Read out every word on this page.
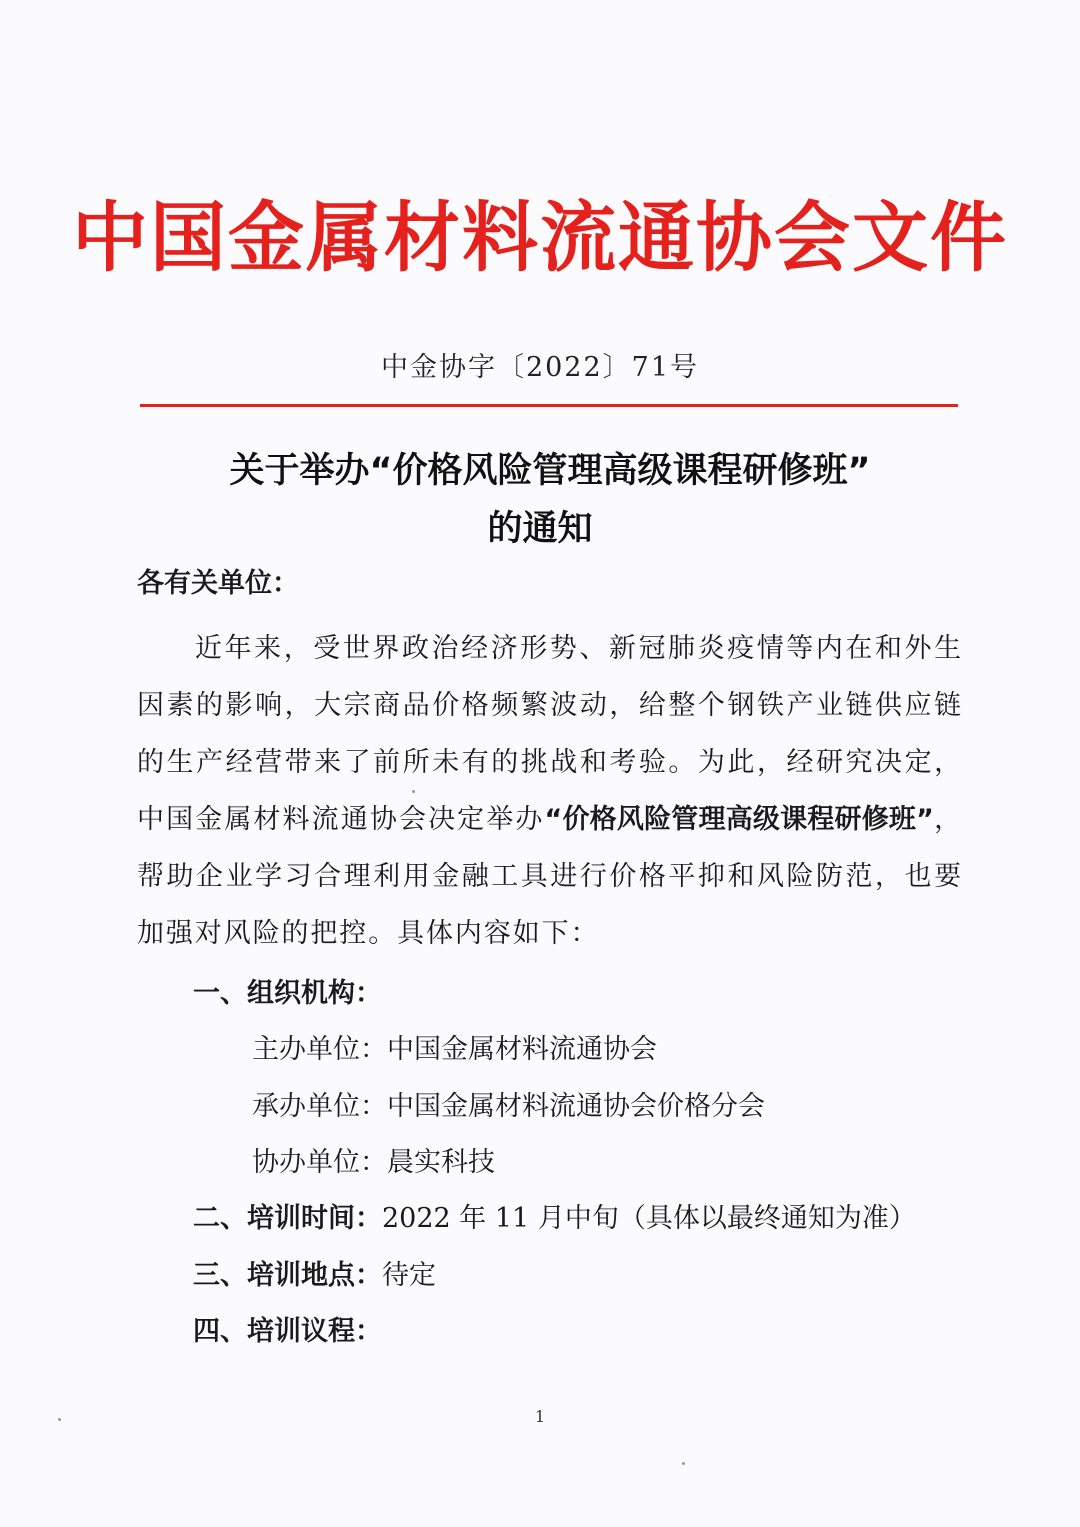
中国金属材料流通协会文件
中金协字〔2022〕71号
关于举办“价格风险管理高级课程研修班”
的通知
各有关单位：
近年来，受世界政治经济形势、新冠肺炎疫情等内在和外生因素的影响，大宗商品价格频繁波动，给整个钢铁产业链供应链的生产经营带来了前所未有的挑战和考验。为此，经研究决定，中国金属材料流通协会决定举办“价格风险管理高级课程研修班”，帮助企业学习合理利用金融工具进行价格平抑和风险防范，也要加强对风险的把控。具体内容如下：
一、组织机构：
主办单位：中国金属材料流通协会
承办单位：中国金属材料流通协会价格分会
协办单位：晨实科技
二、培训时间：2022 年 11 月中旬（具体以最终通知为准）
三、培训地点：待定
四、培训议程：
1
